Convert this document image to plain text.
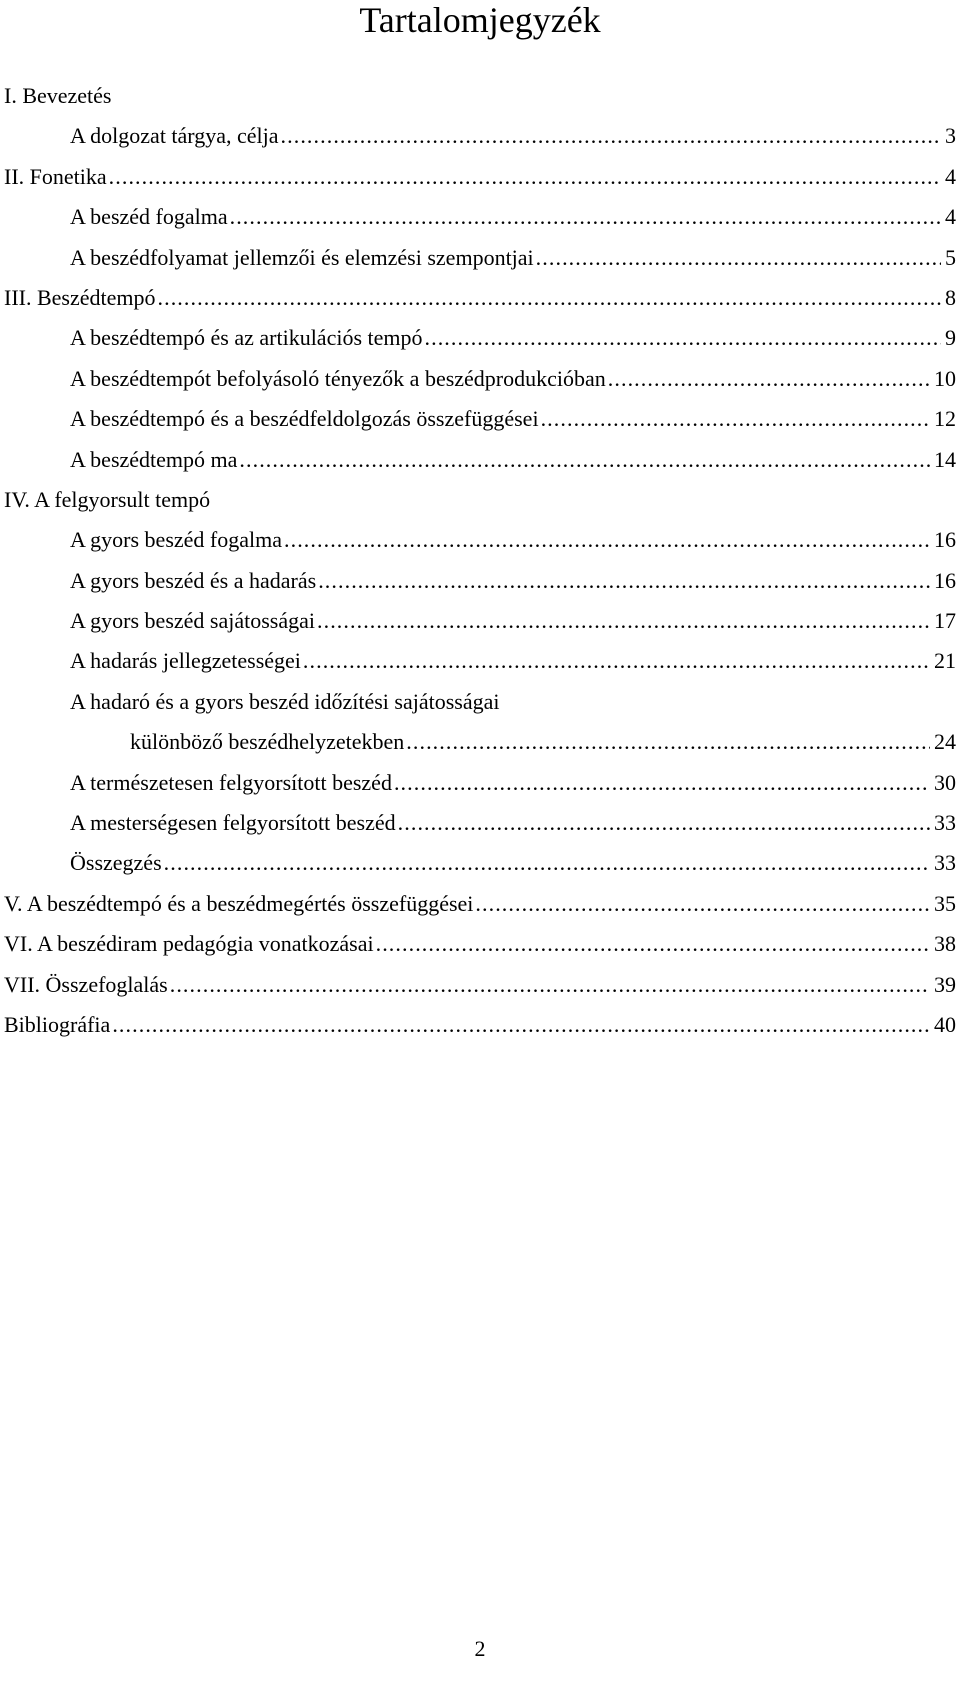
Tartalomjegyzék
I. Bevezetés
A dolgozat tárgya, célja . . .	3
II. Fonetika . . .	4
A beszéd fogalma . . .	4
A beszédfolyamat jellemzői és elemzési szempontjai . . .	5
III. Beszédtempó . . .	8
A beszédtempó és az artikulációs tempó . . .	9
A beszédtempót befolyásoló tényezők a beszédprodukcióban . . .	10
A beszédtempó és a beszédfeldolgozás összefüggései . . .	12
A beszédtempó ma . . .	14
IV. A felgyorsult tempó
A gyors beszéd fogalma . . .	16
A gyors beszéd és a hadarás . . .	16
A gyors beszéd sajátosságai . . .	17
A hadarás jellegzetességei . . .	21
A hadaró és a gyors beszéd időzítési sajátosságai
különböző beszédhelyzetekben . . .	24
A természetesen felgyorsított beszéd . . .	30
A mesterségesen felgyorsított beszéd . . .	33
Összegzés . . .	33
V. A beszédtempó és a beszédmegértés összefüggései . . .	35
VI. A beszédiram pedagógia vonatkozásai . . .	38
VII. Összefoglalás . . .	39
Bibliográfia . . .	40
2
